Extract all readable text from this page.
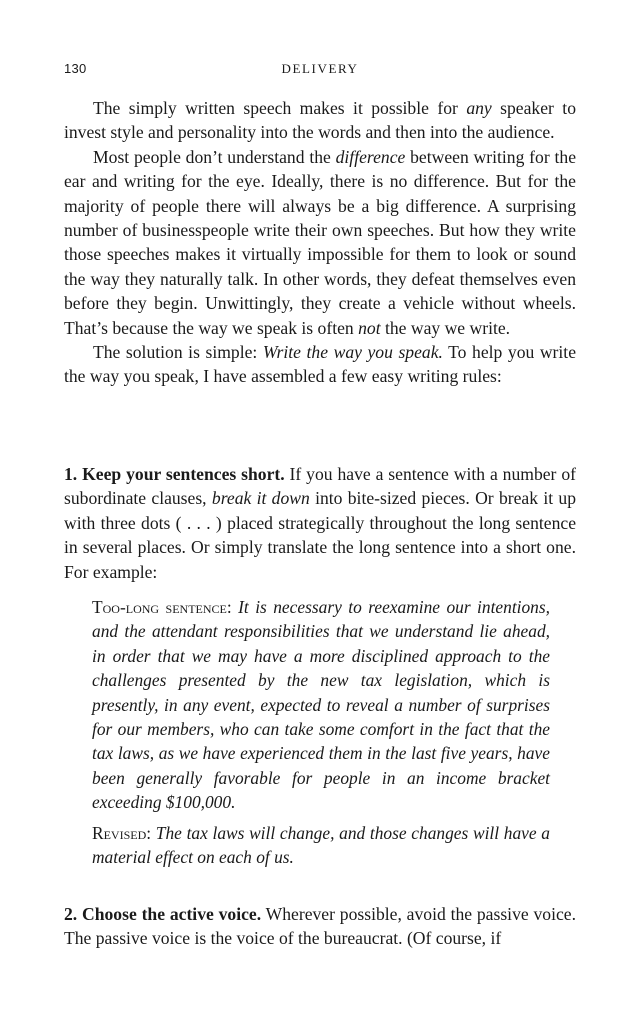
130	DELIVERY

The simply written speech makes it possible for any speaker to invest style and personality into the words and then into the audience.

Most people don’t understand the difference between writing for the ear and writing for the eye. Ideally, there is no difference. But for the majority of people there will always be a big difference. A surprising number of businesspeople write their own speeches. But how they write those speeches makes it virtually impossible for them to look or sound the way they naturally talk. In other words, they defeat themselves even before they begin. Unwittingly, they create a vehicle without wheels. That’s because the way we speak is often not the way we write.

The solution is simple: Write the way you speak. To help you write the way you speak, I have assembled a few easy writing rules:

1. Keep your sentences short. If you have a sentence with a number of subordinate clauses, break it down into bite-sized pieces. Or break it up with three dots ( . . . ) placed strategically throughout the long sentence in several places. Or simply translate the long sentence into a short one. For example:

Too-long sentence: It is necessary to reexamine our intentions, and the attendant responsibilities that we understand lie ahead, in order that we may have a more disciplined approach to the challenges presented by the new tax legislation, which is presently, in any event, expected to reveal a number of surprises for our members, who can take some comfort in the fact that the tax laws, as we have experienced them in the last five years, have been generally favorable for people in an income bracket exceeding $100,000.

Revised: The tax laws will change, and those changes will have a material effect on each of us.

2. Choose the active voice. Wherever possible, avoid the passive voice. The passive voice is the voice of the bureaucrat. (Of course, if
